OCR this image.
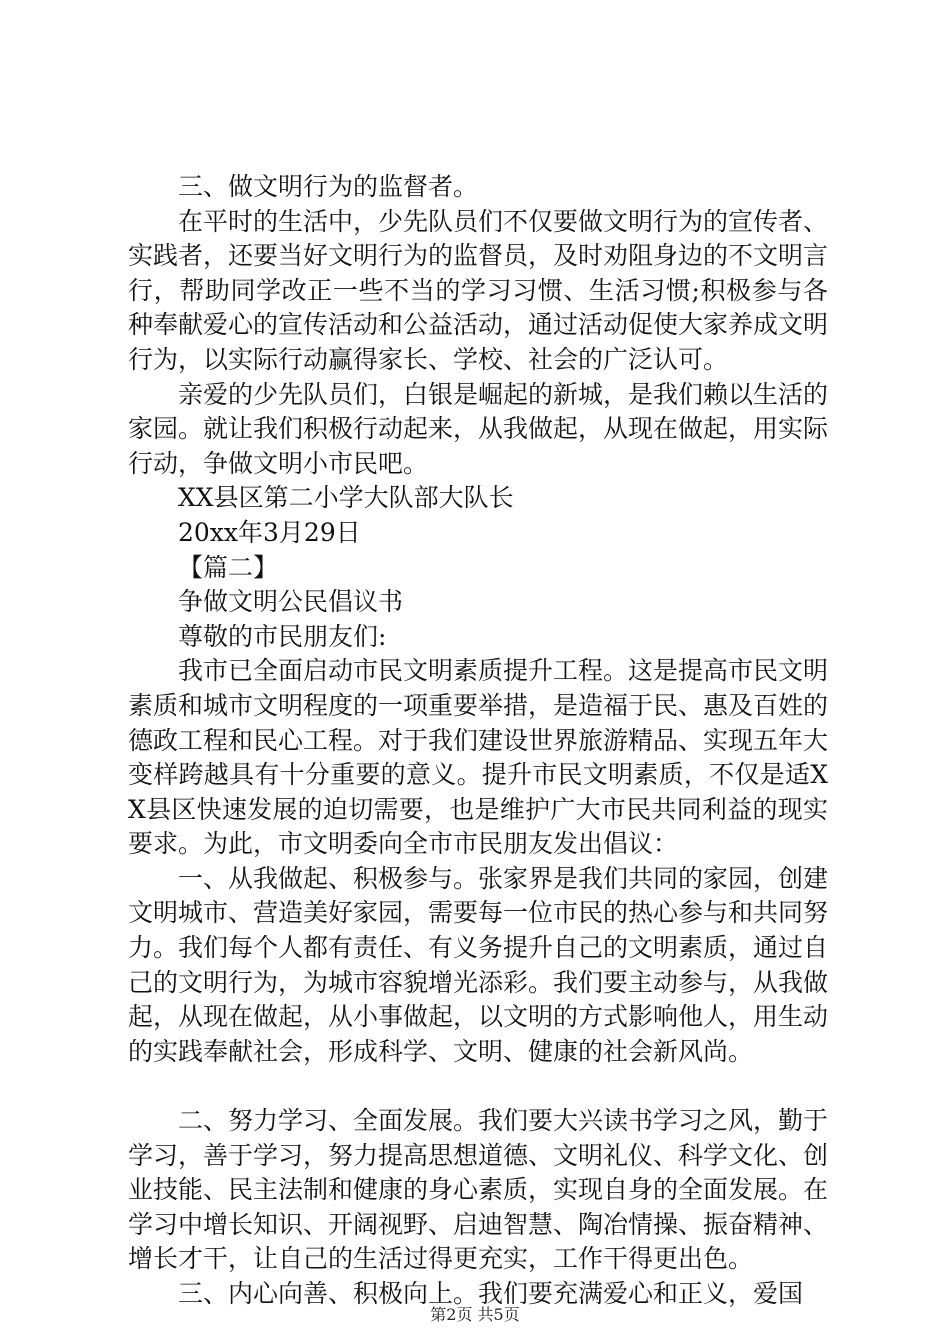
三、做文明行为的监督者。

在平时的生活中，少先队员们不仅要做文明行为的宣传者、实践者，还要当好文明行为的监督员，及时劝阻身边的不文明言行，帮助同学改正一些不当的学习习惯、生活习惯;积极参与各种奉献爱心的宣传活动和公益活动，通过活动促使大家养成文明行为，以实际行动赢得家长、学校、社会的广泛认可。

亲爱的少先队员们，白银是崛起的新城，是我们赖以生活的家园。就让我们积极行动起来，从我做起，从现在做起，用实际行动，争做文明小市民吧。

XX县区第二小学大队部大队长

20xx年3月29日

【篇二】

争做文明公民倡议书

尊敬的市民朋友们:

我市已全面启动市民文明素质提升工程。这是提高市民文明素质和城市文明程度的一项重要举措，是造福于民、惠及百姓的德政工程和民心工程。对于我们建设世界旅游精品、实现五年大变样跨越具有十分重要的意义。提升市民文明素质，不仅是适XX县区快速发展的迫切需要，也是维护广大市民共同利益的现实要求。为此，市文明委向全市市民朋友发出倡议：

一、从我做起、积极参与。张家界是我们共同的家园，创建文明城市、营造美好家园，需要每一位市民的热心参与和共同努力。我们每个人都有责任、有义务提升自己的文明素质，通过自己的文明行为，为城市容貌增光添彩。我们要主动参与，从我做起，从现在做起，从小事做起，以文明的方式影响他人，用生动的实践奉献社会，形成科学、文明、健康的社会新风尚。

二、努力学习、全面发展。我们要大兴读书学习之风，勤于学习，善于学习，努力提高思想道德、文明礼仪、科学文化、创业技能、民主法制和健康的身心素质，实现自身的全面发展。在学习中增长知识、开阔视野、启迪智慧、陶冶情操、振奋精神、增长才干，让自己的生活过得更充实，工作干得更出色。

三、内心向善、积极向上。我们要充满爱心和正义，爱国

第2页 共5页
